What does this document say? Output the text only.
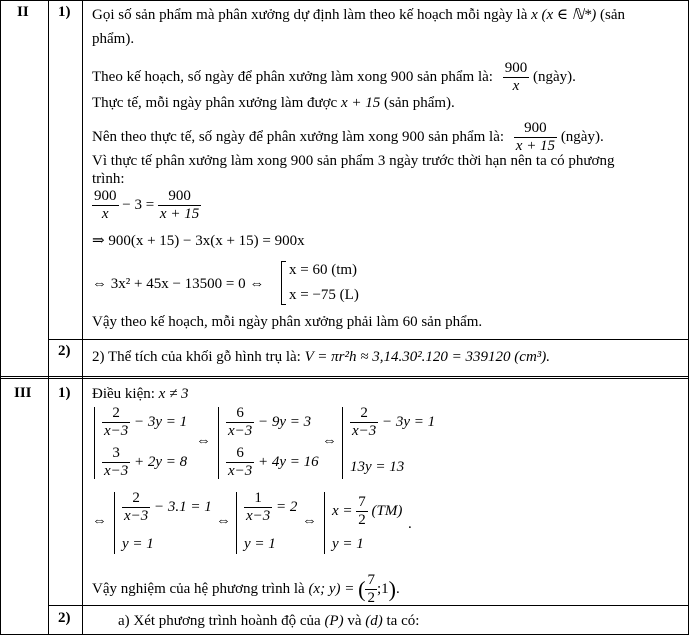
II 1) Gọi số sản phẩm mà phân xưởng dự định làm theo kế hoạch mỗi ngày là x (x ∈ ℕ*) (sản
phẩm).
Theo kế hoạch, số ngày để phân xưởng làm xong 900 sản phẩm là: $\frac{900}{x}$ (ngày).
Thực tế, mỗi ngày phân xưởng làm được x + 15 (sản phẩm).
Nên theo thực tế, số ngày để phân xưởng làm xong 900 sản phẩm là: $\frac{900}{x + 15}$ (ngày).
Vì thực tế phân xưởng làm xong 900 sản phẩm 3 ngày trước thời hạn nên ta có phương
trình:
$\frac{900}{x} - 3 = \frac{900}{x + 15}$
⇒ 900(x + 15) − 3x(x + 15) = 900x
⇔ 3x² + 45x − 13500 = 0 ⇔
x = 60 (tm)
x = −75 (L)
Vậy theo kế hoạch, mỗi ngày phân xưởng phải làm 60 sản phẩm.
2) 2) Thể tích của khối gỗ hình trụ là: V = πr²h ≈ 3,14.30².120 = 339120 (cm³).
III 1) Điều kiện: x ≠ 3
$\frac{2}{x-3} - 3y = 1$
$\frac{3}{x-3} + 2y = 8$
⇔
$\frac{6}{x-3} - 9y = 3$
$\frac{6}{x-3} + 4y = 16$
⇔
$\frac{2}{x-3} - 3y = 1$
13y = 13
⇔ $\frac{2}{x-3} - 3.1 = 1$
y = 1
⇔ $\frac{1}{x-3} = 2$
y = 1
⇔
$x = \frac{7}{2} (TM)$
y = 1
.
Vậy nghiệm của hệ phương trình là (x; y) = ( $\frac{7}{2}$ ;1).
2)	a) Xét phương trình hoành độ của (P) và (d) ta có:
